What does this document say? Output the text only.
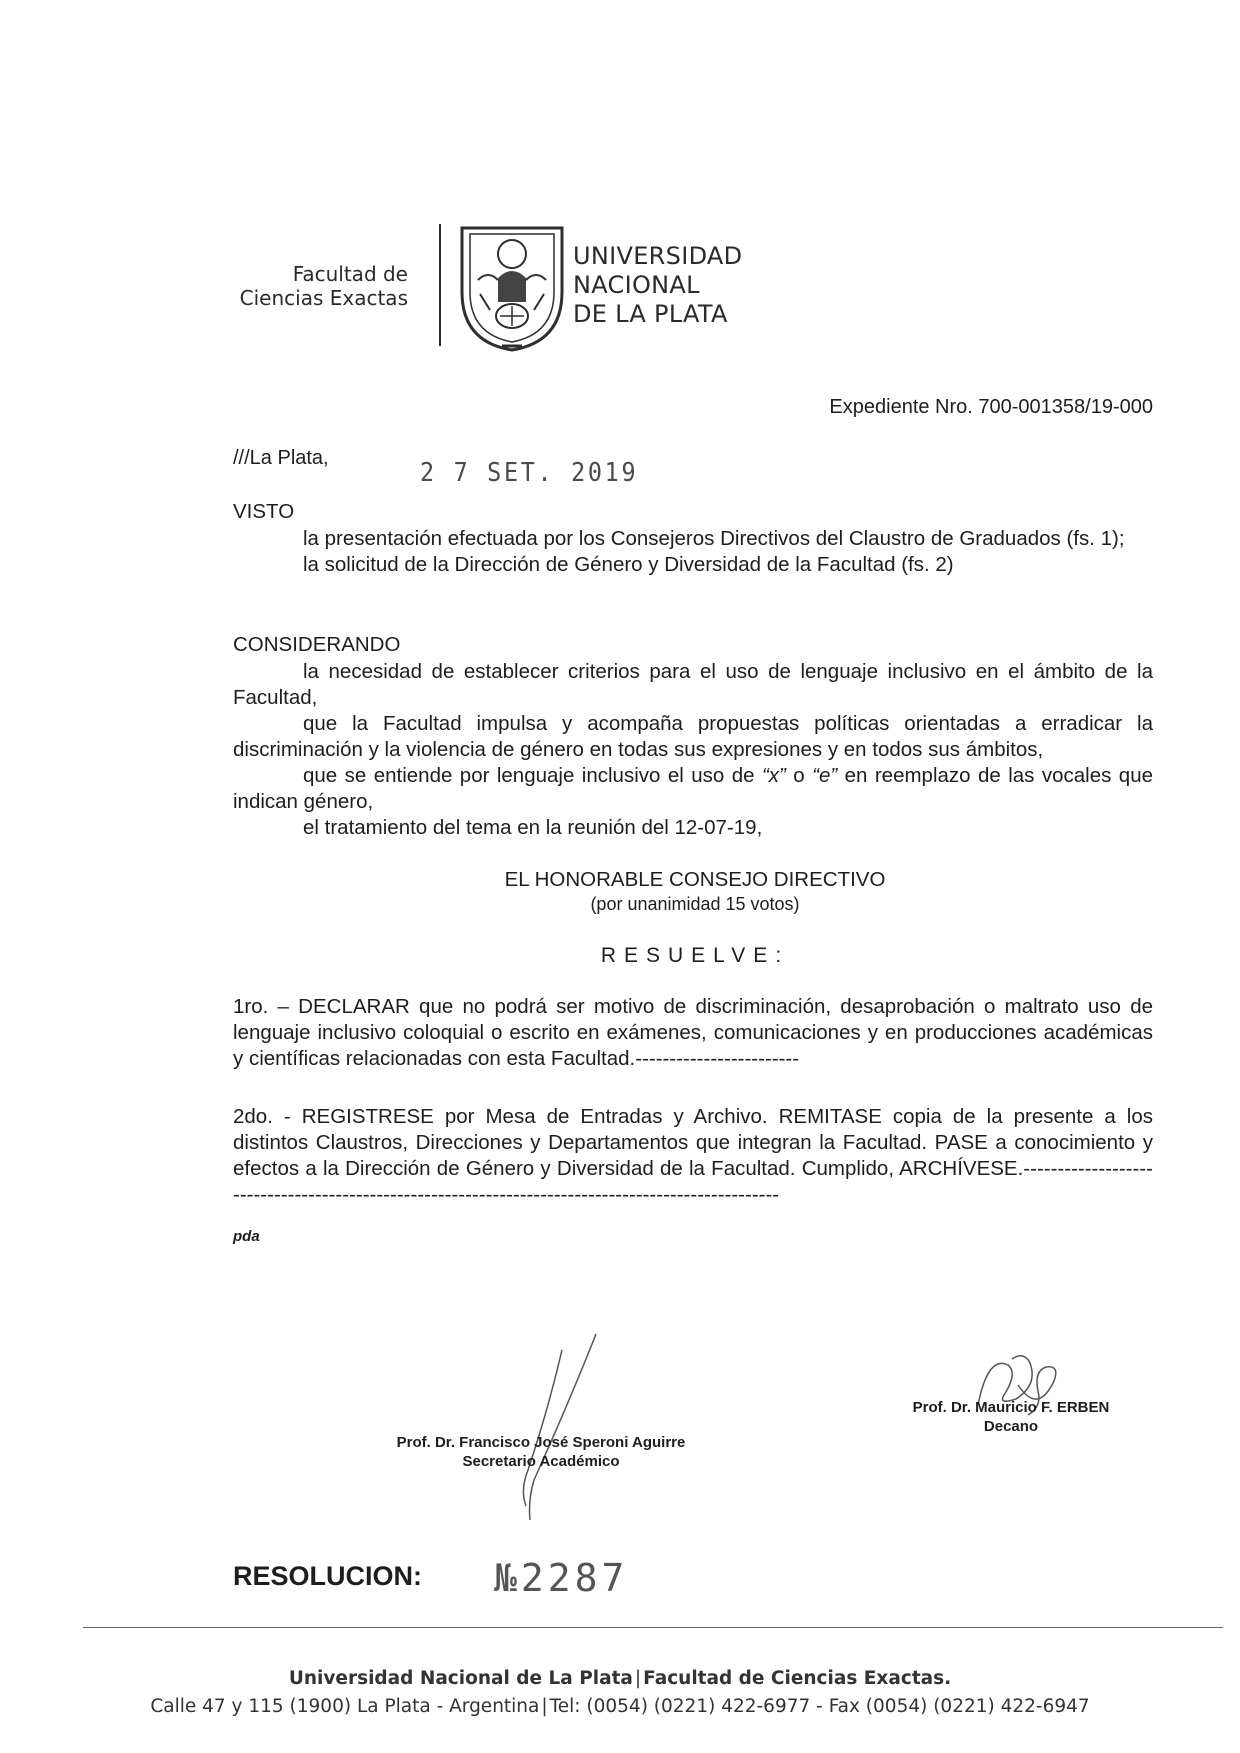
Facultad de
Ciencias Exactas
UNIVERSIDAD
NACIONAL
DE LA PLATA
Expediente Nro. 700-001358/19-000
///La Plata,	2 7 SET. 2019
VISTO

la presentación efectuada por los Consejeros Directivos del Claustro de Graduados (fs. 1);

la solicitud de la Dirección de Género y Diversidad de la Facultad (fs. 2)

CONSIDERANDO

la necesidad de establecer criterios para el uso de lenguaje inclusivo en el ámbito de la Facultad,

que la Facultad impulsa y acompaña propuestas políticas orientadas a erradicar la discriminación y la violencia de género en todas sus expresiones y en todos sus ámbitos,

que se entiende por lenguaje inclusivo el uso de “x” o “e” en reemplazo de las vocales que indican género,

el tratamiento del tema en la reunión del 12-07-19,

EL HONORABLE CONSEJO DIRECTIVO
(por unanimidad 15 votos)
RESUELVE:

1ro. – DECLARAR que no podrá ser motivo de discriminación, desaprobación o maltrato uso de lenguaje inclusivo coloquial o escrito en exámenes, comunicaciones y en producciones académicas y científicas relacionadas con esta Facultad.------------------------

2do. - REGISTRESE por Mesa de Entradas y Archivo. REMITASE copia de la presente a los distintos Claustros, Direcciones y Departamentos que integran la Facultad. PASE a conocimiento y efectos a la Dirección de Género y Diversidad de la Facultad. Cumplido, ARCHÍVESE.---------------------------------------------------------------------------------------------------

pda
Prof. Dr. Francisco José Speroni Aguirre
Secretario Académico
Prof. Dr. Mauricio F. ERBEN
Decano
RESOLUCION: №2287
Universidad Nacional de La Plata | Facultad de Ciencias Exactas.
Calle 47 y 115 (1900) La Plata - Argentina | Tel: (0054) (0221) 422-6977 - Fax (0054) (0221) 422-6947
